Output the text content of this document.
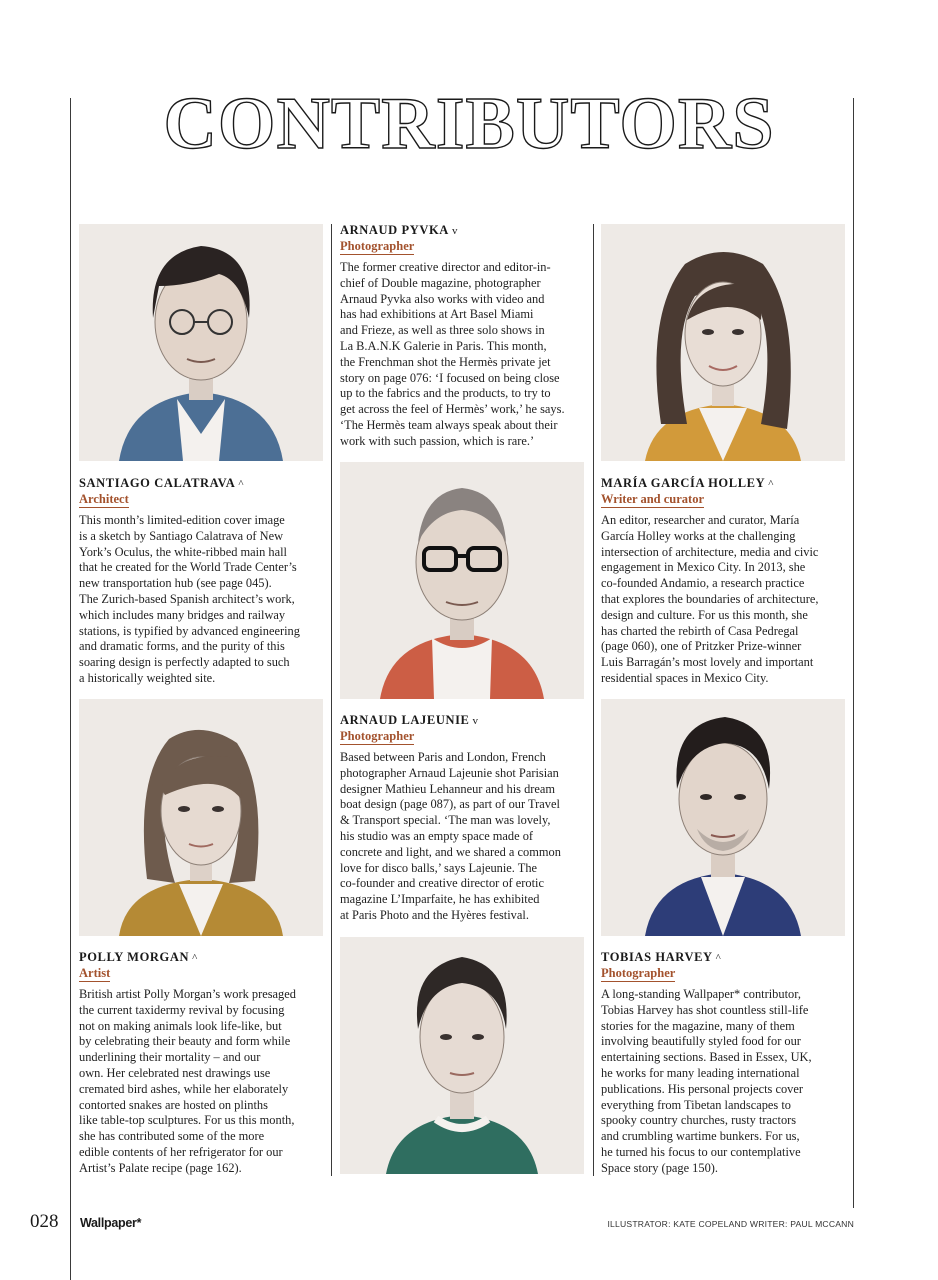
CONTRIBUTORS
SANTIAGO CALATRAVA ^
Architect
This month’s limited-edition cover image
is a sketch by Santiago Calatrava of New
York’s Oculus, the white-ribbed main hall
that he created for the World Trade Center’s
new transportation hub (see page 045).
The Zurich-based Spanish architect’s work,
which includes many bridges and railway
stations, is typified by advanced engineering
and dramatic forms, and the purity of this
soaring design is perfectly adapted to such
a historically weighted site.
POLLY MORGAN ^
Artist
British artist Polly Morgan’s work presaged
the current taxidermy revival by focusing
not on making animals look life-like, but
by celebrating their beauty and form while
underlining their mortality – and our
own. Her celebrated nest drawings use
cremated bird ashes, while her elaborately
contorted snakes are hosted on plinths
like table-top sculptures. For us this month,
she has contributed some of the more
edible contents of her refrigerator for our
Artist’s Palate recipe (page 162).
ARNAUD PYVKA v
Photographer
The former creative director and editor-in-
chief of Double magazine, photographer
Arnaud Pyvka also works with video and
has had exhibitions at Art Basel Miami
and Frieze, as well as three solo shows in
La B.A.N.K Galerie in Paris. This month,
the Frenchman shot the Hermès private jet
story on page 076: ‘I focused on being close
up to the fabrics and the products, to try to
get across the feel of Hermès’ work,’ he says.
‘The Hermès team always speak about their
work with such passion, which is rare.’
ARNAUD LAJEUNIE v
Photographer
Based between Paris and London, French
photographer Arnaud Lajeunie shot Parisian
designer Mathieu Lehanneur and his dream
boat design (page 087), as part of our Travel
& Transport special. ‘The man was lovely,
his studio was an empty space made of
concrete and light, and we shared a common
love for disco balls,’ says Lajeunie. The
co-founder and creative director of erotic
magazine L’Imparfaite, he has exhibited
at Paris Photo and the Hyères festival.
MARÍA GARCÍA HOLLEY ^
Writer and curator
An editor, researcher and curator, María
García Holley works at the challenging
intersection of architecture, media and civic
engagement in Mexico City. In 2013, she
co-founded Andamio, a research practice
that explores the boundaries of architecture,
design and culture. For us this month, she
has charted the rebirth of Casa Pedregal
(page 060), one of Pritzker Prize-winner
Luis Barragán’s most lovely and important
residential spaces in Mexico City.
TOBIAS HARVEY ^
Photographer
A long-standing Wallpaper* contributor,
Tobias Harvey has shot countless still-life
stories for the magazine, many of them
involving beautifully styled food for our
entertaining sections. Based in Essex, UK,
he works for many leading international
publications. His personal projects cover
everything from Tibetan landscapes to
spooky country churches, rusty tractors
and crumbling wartime bunkers. For us,
he turned his focus to our contemplative
Space story (page 150).
028 Wallpaper*	ILLUSTRATOR: KATE COPELAND WRITER: PAUL MCCANN
